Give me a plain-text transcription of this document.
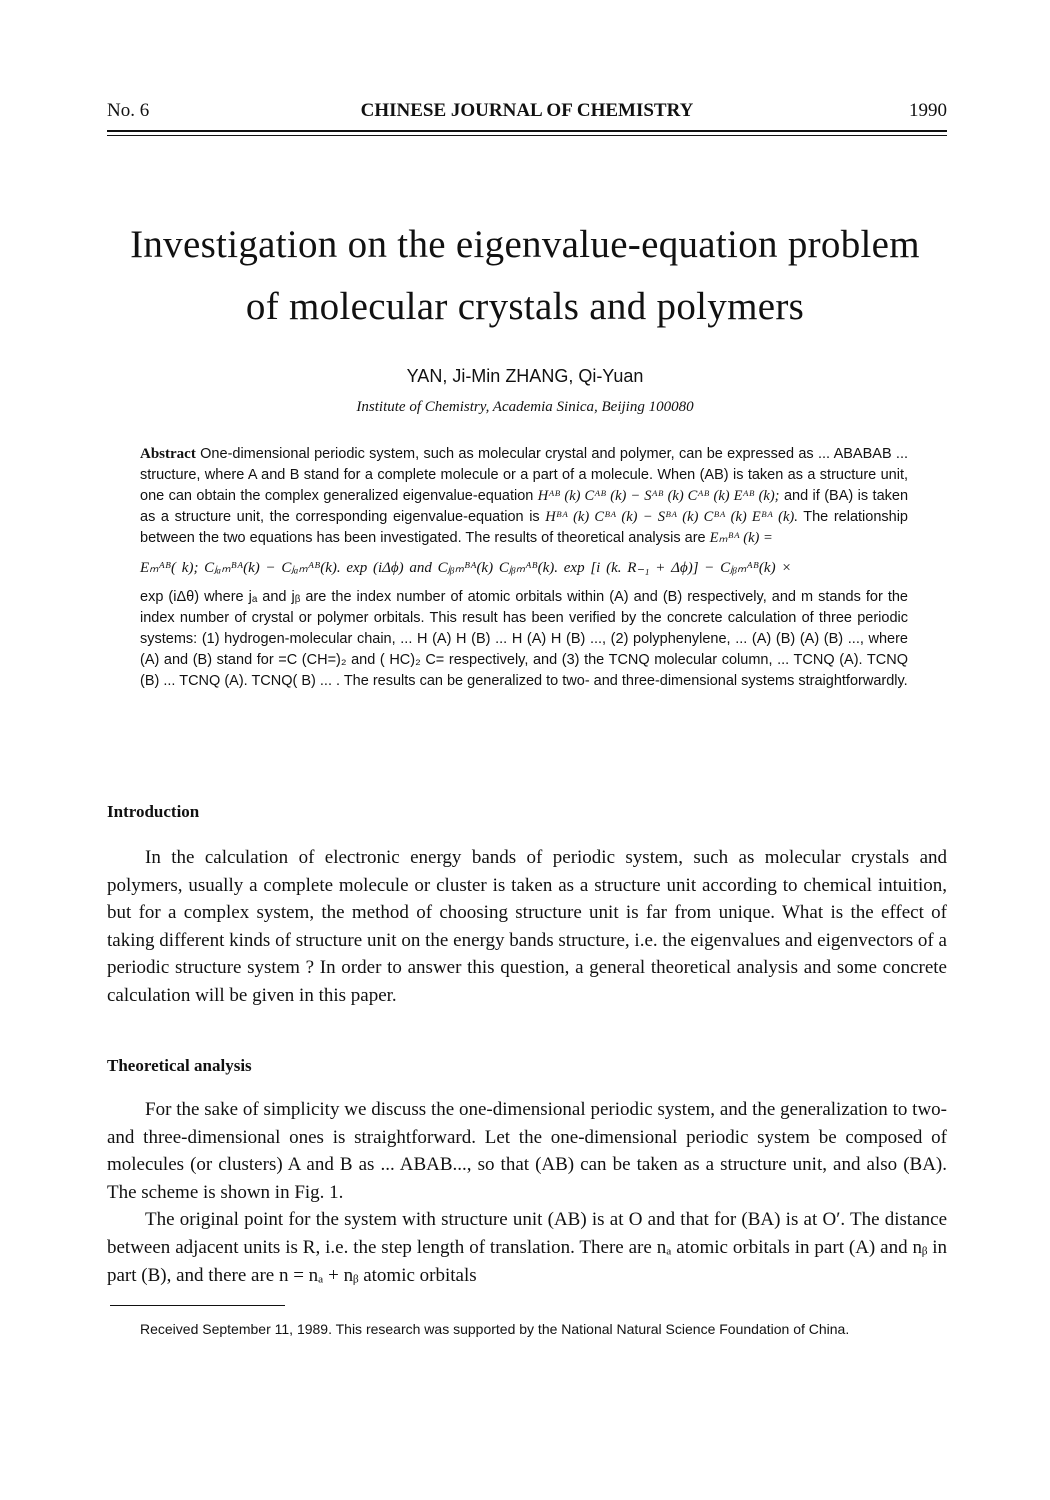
No. 6	CHINESE JOURNAL OF CHEMISTRY	1990
Investigation on the eigenvalue-equation problem
of molecular crystals and polymers
YAN, Ji-Min ZHANG, Qi-Yuan
Institute of Chemistry, Academia Sinica, Beijing 100080
Abstract One-dimensional periodic system, such as molecular crystal and polymer, can be expressed as ... ABABAB ... structure, where A and B stand for a complete molecule or a part of a molecule. When (AB) is taken as a structure unit, one can obtain the complex generalized eigenvalue-equation Hᴬᴮ (k) Cᴬᴮ (k) − Sᴬᴮ (k) Cᴬᴮ (k) Eᴬᴮ (k); and if (BA) is taken as a structure unit, the corresponding eigenvalue-equation is Hᴮᴬ (k) Cᴮᴬ (k) − Sᴮᴬ (k) Cᴮᴬ (k) Eᴮᴬ (k). The relationship between the two equations has been investigated. The results of theoretical analysis are Eₘᴮᴬ (k) =
Eₘᴬᴮ( k); Cⱼₐₘᴮᴬ(k) − Cⱼₐₘᴬᴮ(k). exp (iΔϕ) and Cⱼᵦₘᴮᴬ(k) Cⱼᵦₘᴬᴮ(k). exp [i (k. R₋₁ + Δϕ)] − Cⱼᵦₘᴬᴮ(k) ×
exp (iΔθ) where jₐ and jᵦ are the index number of atomic orbitals within (A) and (B) respectively, and m stands for the index number of crystal or polymer orbitals. This result has been verified by the concrete calculation of three periodic systems: (1) hydrogen-molecular chain, ... H (A) H (B) ... H (A) H (B) ..., (2) polyphenylene, ... (A) (B) (A) (B) ..., where (A) and (B) stand for =C (CH=)₂ and ( HC)₂ C= respectively, and (3) the TCNQ molecular column, ... TCNQ (A). TCNQ (B) ... TCNQ (A). TCNQ( B) ... . The results can be generalized to two- and three-dimensional systems straightforwardly.
Introduction

In the calculation of electronic energy bands of periodic system, such as molecular crystals and polymers, usually a complete molecule or cluster is taken as a structure unit according to chemical intuition, but for a complex system, the method of choosing structure unit is far from unique. What is the effect of taking different kinds of structure unit on the energy bands structure, i.e. the eigenvalues and eigenvectors of a periodic structure system ? In order to answer this question, a general theoretical analysis and some concrete calculation will be given in this paper.

Theoretical analysis

For the sake of simplicity we discuss the one-dimensional periodic system, and the generalization to two- and three-dimensional ones is straightforward. Let the one-dimensional periodic system be composed of molecules (or clusters) A and B as ... ABAB..., so that (AB) can be taken as a structure unit, and also (BA). The scheme is shown in Fig. 1.

The original point for the system with structure unit (AB) is at O and that for (BA) is at O′. The distance between adjacent units is R, i.e. the step length of translation. There are nₐ atomic orbitals in part (A) and nᵦ in part (B), and there are n = nₐ + nᵦ atomic orbitals

Received September 11, 1989. This research was supported by the National Natural Science Foundation of China.
